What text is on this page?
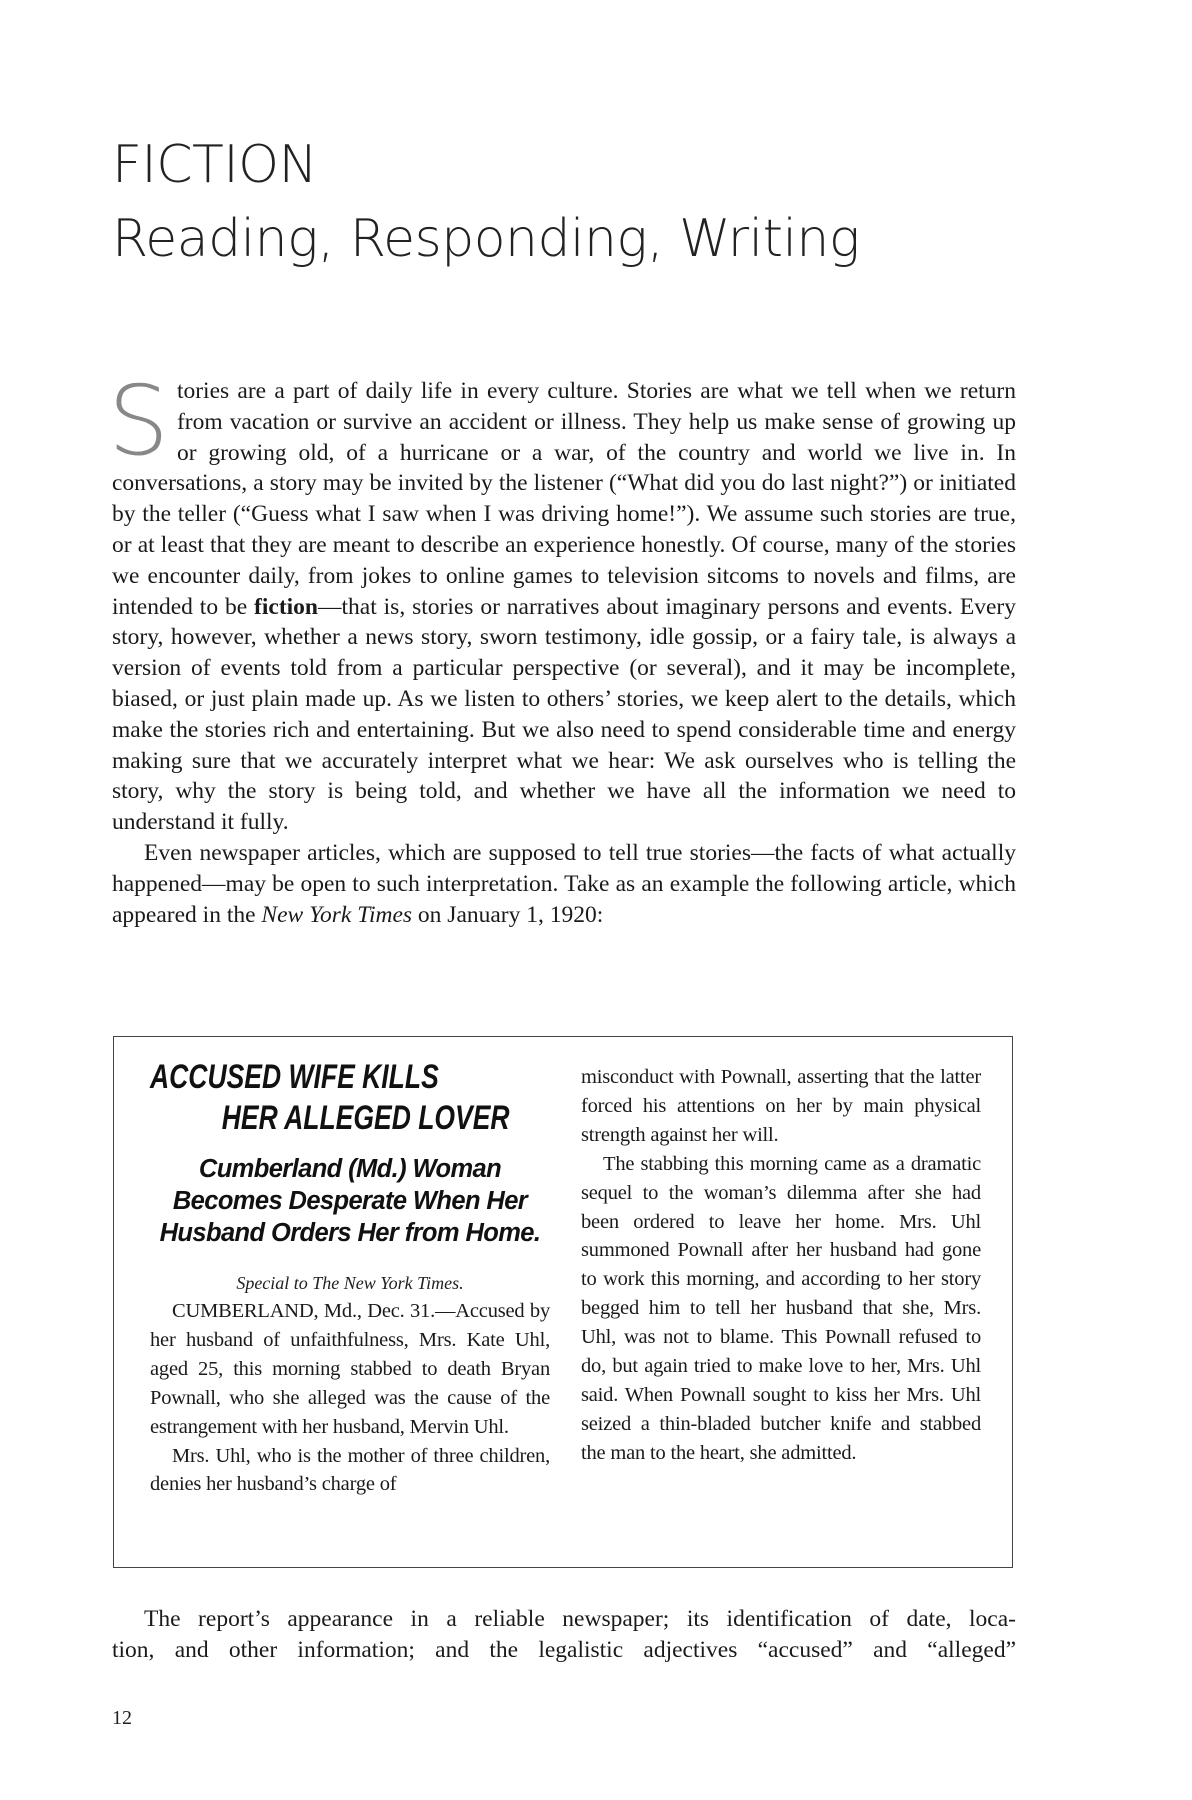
FICTION
Reading, Responding, Writing

Stories are a part of daily life in every culture. Stories are what we tell when we return from vacation or survive an accident or illness. They help us make sense of growing up or growing old, of a hurricane or a war, of the country and world we live in. In conversations, a story may be invited by the listener (“What did you do last night?”) or initiated by the teller (“Guess what I saw when I was driving home!”). We assume such stories are true, or at least that they are meant to describe an experience honestly. Of course, many of the stories we encounter daily, from jokes to online games to television sitcoms to novels and films, are intended to be fiction—that is, stories or narratives about imaginary persons and events. Every story, however, whether a news story, sworn testimony, idle gossip, or a fairy tale, is always a version of events told from a particular perspective (or several), and it may be incomplete, biased, or just plain made up. As we listen to others’ stories, we keep alert to the details, which make the stories rich and entertaining. But we also need to spend considerable time and energy making sure that we accurately interpret what we hear: We ask ourselves who is telling the story, why the story is being told, and whether we have all the information we need to understand it fully.

Even newspaper articles, which are supposed to tell true stories—the facts of what actually happened—may be open to such interpretation. Take as an example the following article, which appeared in the New York Times on January 1, 1920:

ACCUSED WIFE KILLS
HER ALLEGED LOVER
Cumberland (Md.) Woman Becomes Desperate When Her Husband Orders Her from Home.
Special to The New York Times.

CUMBERLAND, Md., Dec. 31.—Accused by her husband of unfaithfulness, Mrs. Kate Uhl, aged 25, this morning stabbed to death Bryan Pownall, who she alleged was the cause of the estrangement with her husband, Mervin Uhl.

Mrs. Uhl, who is the mother of three children, denies her husband’s charge of

misconduct with Pownall, asserting that the latter forced his attentions on her by main physical strength against her will.

The stabbing this morning came as a dramatic sequel to the woman’s dilemma after she had been ordered to leave her home. Mrs. Uhl summoned Pownall after her husband had gone to work this morning, and according to her story begged him to tell her husband that she, Mrs. Uhl, was not to blame. This Pownall refused to do, but again tried to make love to her, Mrs. Uhl said. When Pownall sought to kiss her Mrs. Uhl seized a thin-bladed butcher knife and stabbed the man to the heart, she admitted.

The report’s appearance in a reliable newspaper; its identification of date, loca-

tion, and other information; and the legalistic adjectives “accused” and “alleged”

12
